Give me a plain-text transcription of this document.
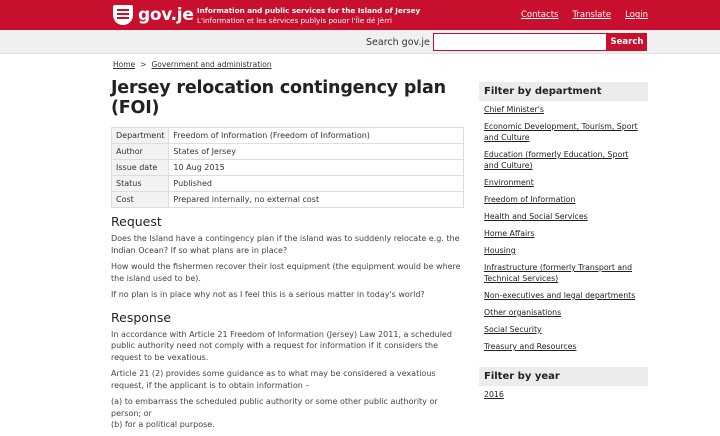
gov.je Information and public services for the Island of Jersey
L'information et les sèrvices publyis pouor l'Île dé Jèrri	Contacts Translate Login
Search gov.je	Search
Home > Government and administration
Jersey relocation contingency plan (FOI)
Department	Freedom of Information (Freedom of Information)
Author	States of Jersey
Issue date	10 Aug 2015
Status	Published
Cost	Prepared internally, no external cost
Request

Does the Island have a contingency plan if the island was to suddenly relocate e.g. the Indian Ocean? If so what plans are in place?

How would the fishermen recover their lost equipment (the equipment would be where the island used to be).

If no plan is in place why not as I feel this is a serious matter in today's world?

Response

In accordance with Article 21 Freedom of Information (Jersey) Law 2011, a scheduled public authority need not comply with a request for information if it considers the request to be vexatious.

Article 21 (2) provides some guidance as to what may be considered a vexatious request, if the applicant is to obtain information –

(a) to embarrass the scheduled public authority or some other public authority or person; or

(b) for a political purpose.

Filter by department
Chief Minister's
Economic Development, Tourism, Sport and Culture
Education (formerly Education, Sport and Culture)
Environment
Freedom of Information
Health and Social Services
Home Affairs
Housing
Infrastructure (formerly Transport and Technical Services)
Non-executives and legal departments
Other organisations
Social Security
Treasury and Resources
Filter by year
2016
